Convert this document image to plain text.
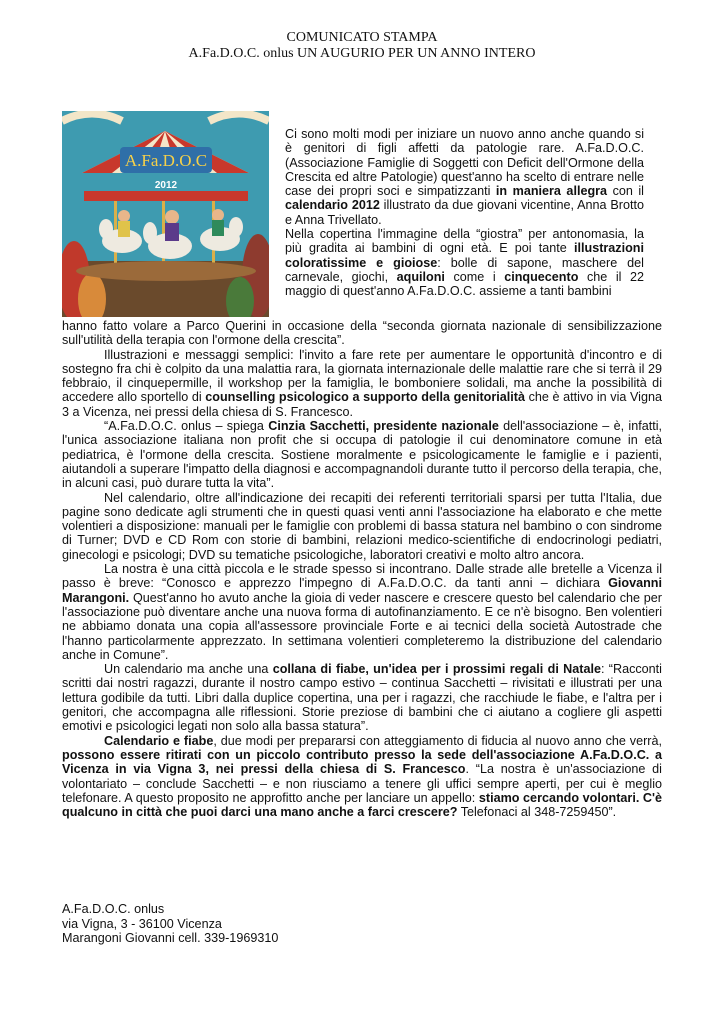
COMUNICATO STAMPA
A.Fa.D.O.C. onlus UN AUGURIO PER UN ANNO INTERO
A.Fa.D.O.C
2012

Ci sono molti modi per iniziare un nuovo anno anche quando si è genitori di figli affetti da patologie rare. A.Fa.D.O.C. (Associazione Famiglie di Soggetti con Deficit dell'Ormone della Crescita ed altre Patologie) quest'anno ha scelto di entrare nelle case dei propri soci e simpatizzanti in maniera allegra con il calendario 2012 illustrato da due giovani vicentine, Anna Brotto e Anna Trivellato.

Nella copertina l'immagine della “giostra” per antonomasia, la più gradita ai bambini di ogni età. E poi tante illustrazioni coloratissime e gioiose: bolle di sapone, maschere del carnevale, giochi, aquiloni come i cinquecento che il 22 maggio di quest'anno A.Fa.D.O.C. assieme a tanti bambini

hanno fatto volare a Parco Querini in occasione della “seconda giornata nazionale di sensibilizzazione sull'utilità della terapia con l'ormone della crescita”.

Illustrazioni e messaggi semplici: l'invito a fare rete per aumentare le opportunità d'incontro e di sostegno fra chi è colpito da una malattia rara, la giornata internazionale delle malattie rare che si terrà il 29 febbraio, il cinquepermille, il workshop per la famiglia, le bomboniere solidali, ma anche la possibilità di accedere allo sportello di counselling psicologico a supporto della genitorialità che è attivo in via Vigna 3 a Vicenza, nei pressi della chiesa di S. Francesco.

“A.Fa.D.O.C. onlus – spiega Cinzia Sacchetti, presidente nazionale dell'associazione – è, infatti, l'unica associazione italiana non profit che si occupa di patologie il cui denominatore comune in età pediatrica, è l'ormone della crescita. Sostiene moralmente e psicologicamente le famiglie e i pazienti, aiutandoli a superare l'impatto della diagnosi e accompagnandoli durante tutto il percorso della terapia, che, in alcuni casi, può durare tutta la vita”.

Nel calendario, oltre all'indicazione dei recapiti dei referenti territoriali sparsi per tutta l'Italia, due pagine sono dedicate agli strumenti che in questi quasi venti anni l'associazione ha elaborato e che mette volentieri a disposizione: manuali per le famiglie con problemi di bassa statura nel bambino o con sindrome di Turner; DVD e CD Rom con storie di bambini, relazioni medico-scientifiche di endocrinologi pediatri, ginecologi e psicologi; DVD su tematiche psicologiche, laboratori creativi e molto altro ancora.

La nostra è una città piccola e le strade spesso si incontrano. Dalle strade alle bretelle a Vicenza il passo è breve: “Conosco e apprezzo l'impegno di A.Fa.D.O.C. da tanti anni – dichiara Giovanni Marangoni. Quest'anno ho avuto anche la gioia di veder nascere e crescere questo bel calendario che per l'associazione può diventare anche una nuova forma di autofinanziamento. E ce n'è bisogno. Ben volentieri ne abbiamo donata una copia all'assessore provinciale Forte e ai tecnici della società Autostrade che l'hanno particolarmente apprezzato. In settimana volentieri completeremo la distribuzione del calendario anche in Comune”.

Un calendario ma anche una collana di fiabe, un'idea per i prossimi regali di Natale: “Racconti scritti dai nostri ragazzi, durante il nostro campo estivo – continua Sacchetti – rivisitati e illustrati per una lettura godibile da tutti. Libri dalla duplice copertina, una per i ragazzi, che racchiude le fiabe, e l'altra per i genitori, che accompagna alle riflessioni. Storie preziose di bambini che ci aiutano a cogliere gli aspetti emotivi e psicologici legati non solo alla bassa statura”.

Calendario e fiabe, due modi per prepararsi con atteggiamento di fiducia al nuovo anno che verrà, possono essere ritirati con un piccolo contributo presso la sede dell'associazione A.Fa.D.O.C. a Vicenza in via Vigna 3, nei pressi della chiesa di S. Francesco. “La nostra è un'associazione di volontariato – conclude Sacchetti – e non riusciamo a tenere gli uffici sempre aperti, per cui è meglio telefonare. A questo proposito ne approfitto anche per lanciare un appello: stiamo cercando volontari. C'è qualcuno in città che puoi darci una mano anche a farci crescere? Telefonaci al 348-7259450”.

A.Fa.D.O.C. onlus
via Vigna, 3 - 36100 Vicenza
Marangoni Giovanni cell. 339-1969310
